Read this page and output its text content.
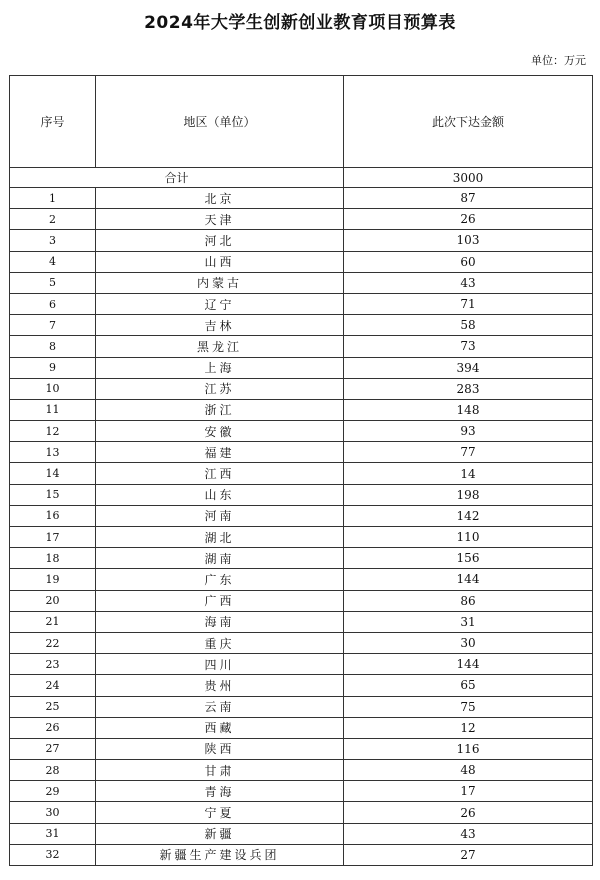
2024年大学生创新创业教育项目预算表
单位：万元
序号	地区（单位）	此次下达金额
合计		3000
1	北京	87
2	天津	26
3	河北	103
4	山西	60
5	内蒙古	43
6	辽宁	71
7	吉林	58
8	黑龙江	73
9	上海	394
10	江苏	283
11	浙江	148
12	安徽	93
13	福建	77
14	江西	14
15	山东	198
16	河南	142
17	湖北	110
18	湖南	156
19	广东	144
20	广西	86
21	海南	31
22	重庆	30
23	四川	144
24	贵州	65
25	云南	75
26	西藏	12
27	陕西	116
28	甘肃	48
29	青海	17
30	宁夏	26
31	新疆	43
32	新疆生产建设兵团	27
